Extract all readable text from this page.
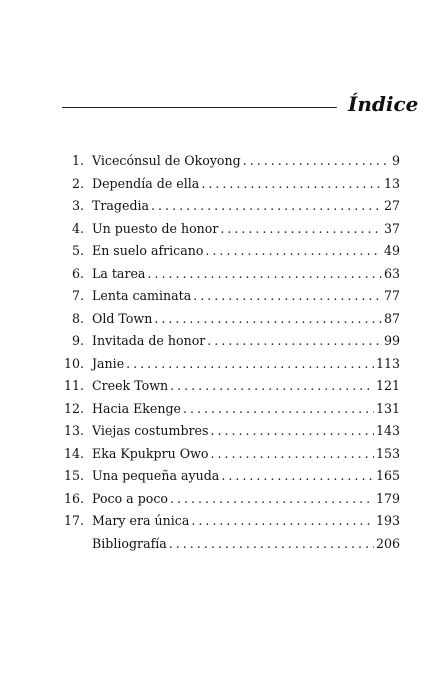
Índice
1. Vicecónsul de Okoyong . . .	9
2. Dependía de ella . . .	13
3. Tragedia . . .	27
4. Un puesto de honor . . .	37
5. En suelo africano . . .	49
6. La tarea . . .	63
7. Lenta caminata . . .	77
8. Old Town . . .	87
9. Invitada de honor . . .	99
10. Janie . . .	113
11. Creek Town . . .	121
12. Hacia Ekenge . . .	131
13. Viejas costumbres . . .	143
14. Eka Kpukpru Owo . . .	153
15. Una pequeña ayuda . . .	165
16. Poco a poco . . .	179
17. Mary era única . . .	193
Bibliografía . . .	206
